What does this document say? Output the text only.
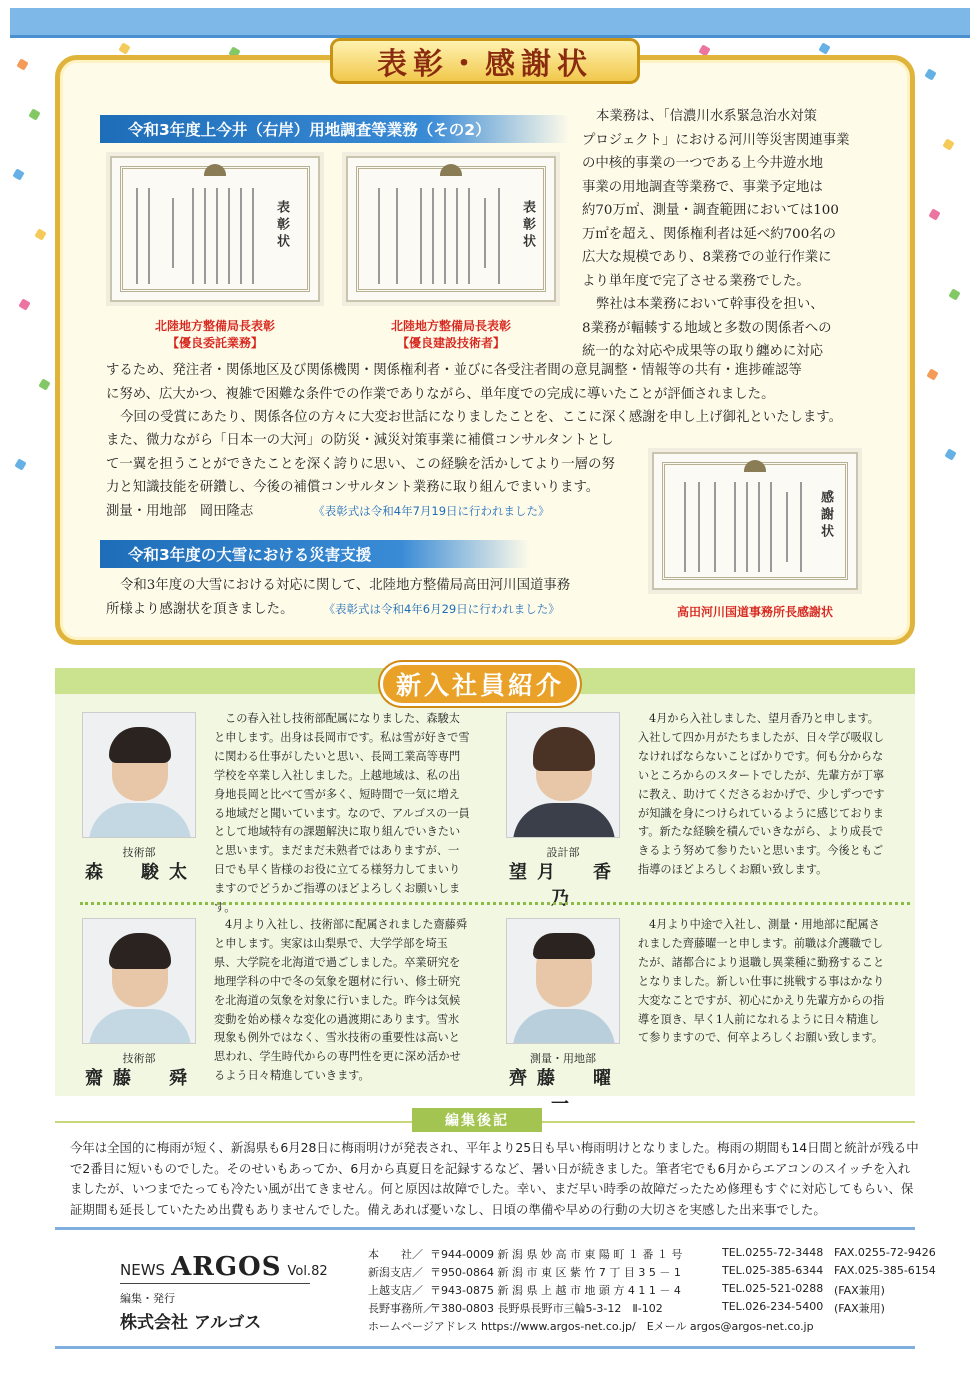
表彰・感謝状
令和3年度上今井（右岸）用地調査等業務（その2）
表彰状
北陸地方整備局長表彰
【優良委託業務】
表彰状
北陸地方整備局長表彰
【優良建設技術者】
本業務は、「信濃川水系緊急治水対策
プロジェクト」における河川等災害関連事業
の中核的事業の一つである上今井遊水地
事業の用地調査等業務で、事業予定地は
約70万㎡、測量・調査範囲においては100
万㎡を超え、関係権利者は延べ約700名の
広大な規模であり、8業務での並行作業に
より単年度で完了させる業務でした。
弊社は本業務において幹事役を担い、
8業務が輻輳する地域と多数の関係者への
統一的な対応や成果等の取り纏めに対応
するため、発注者・関係地区及び関係機関・関係権利者・並びに各受注者間の意見調整・情報等の共有・進捗確認等
に努め、広大かつ、複雑で困難な条件での作業でありながら、単年度での完成に導いたことが評価されました。
今回の受賞にあたり、関係各位の方々に大変お世話になりましたことを、ここに深く感謝を申し上げ御礼といたします。
また、微力ながら「日本一の大河」の防災・減災対策事業に補償コンサルタントとし
て一翼を担うことができたことを深く誇りに思い、この経験を活かしてより一層の努
力と知識技能を研鑽し、今後の補償コンサルタント業務に取り組んでまいります。
測量・用地部　岡田隆志	《表彰式は令和4年7月19日に行われました》
令和3年度の大雪における災害支援
令和3年度の大雪における対応に関して、北陸地方整備局高田河川国道事務
所様より感謝状を頂きました。	《表彰式は令和4年6月29日に行われました》
感謝状
高田河川国道事務所長感謝状
新入社員紹介
技術部
森　駿太
この春入社し技術部配属になりました、森駿太と申します。出身は長岡市です。私は雪が好きで雪に関わる仕事がしたいと思い、長岡工業高等専門学校を卒業し入社しました。上越地域は、私の出身地長岡と比べて雪が多く、短時間で一気に増える地域だと聞いています。なので、アルゴスの一員として地域特有の課題解決に取り組んでいきたいと思います。まだまだ未熟者ではありますが、一日でも早く皆様のお役に立てる様努力してまいりますのでどうかご指導のほどよろしくお願いします。
設計部
望月　香乃
4月から入社しました、望月香乃と申します。入社して四か月がたちましたが、日々学び吸収しなければならないことばかりです。何も分からないところからのスタートでしたが、先輩方が丁寧に教え、助けてくださるおかげで、少しずつですが知識を身につけられているように感じております。新たな経験を積んでいきながら、より成長できるよう努めて参りたいと思います。今後ともご指導のほどよろしくお願い致します。
技術部
齋藤　舜
4月より入社し、技術部に配属されました齋藤舜と申します。実家は山梨県で、大学学部を埼玉県、大学院を北海道で過ごしました。卒業研究を地理学科の中で冬の気象を題材に行い、修士研究を北海道の気象を対象に行いました。昨今は気候変動を始め様々な変化の過渡期にあります。雪氷現象も例外ではなく、雪氷技術の重要性は高いと思われ、学生時代からの専門性を更に深め活かせるよう日々精進していきます。
測量・用地部
齊藤　曜一
4月より中途で入社し、測量・用地部に配属されました齊藤曜一と申します。前職は介護職でしたが、諸都合により退職し異業種に勤務することとなりました。新しい仕事に挑戦する事はかなり大変なことですが、初心にかえり先輩方からの指導を頂き、早く1人前になれるように日々精進して参りますので、何卒よろしくお願い致します。
編集後記
今年は全国的に梅雨が短く、新潟県も6月28日に梅雨明けが発表され、平年より25日も早い梅雨明けとなりました。梅雨の期間も14日間と統計が残る中で2番目に短いものでした。そのせいもあってか、6月から真夏日を記録するなど、暑い日が続きました。筆者宅でも6月からエアコンのスイッチを入れましたが、いつまでたっても冷たい風が出てきません。何と原因は故障でした。幸い、まだ早い時季の故障だったため修理もすぐに対応してもらい、保証期間も延長していたため出費もありませんでした。備えあれば憂いなし、日頃の準備や早めの行動の大切さを実感した出来事でした。
NEWS ARGOS Vol.82
編集・発行
株式会社 アルゴス
本　　社／ 〒944-0009 新 潟 県 妙 高 市 東 陽 町 １ 番 １ 号	TEL.0255-72-3448 FAX.0255-72-9426
新潟支店／ 〒950-0864 新 潟 市 東 区 紫 竹 7 丁 目 3 5 － 1	TEL.025-385-6344 FAX.025-385-6154
上越支店／ 〒943-0875 新 潟 県 上 越 市 地 頭 方 4 1 1 － 4	TEL.025-521-0288 (FAX兼用)
長野事務所／
〒380-0803 長野県長野市三輪5-3-12　Ⅱ-102	TEL.026-234-5400 (FAX兼用)
ホームページアドレス https://www.argos-net.co.jp/　Eメール argos@argos-net.co.jp
